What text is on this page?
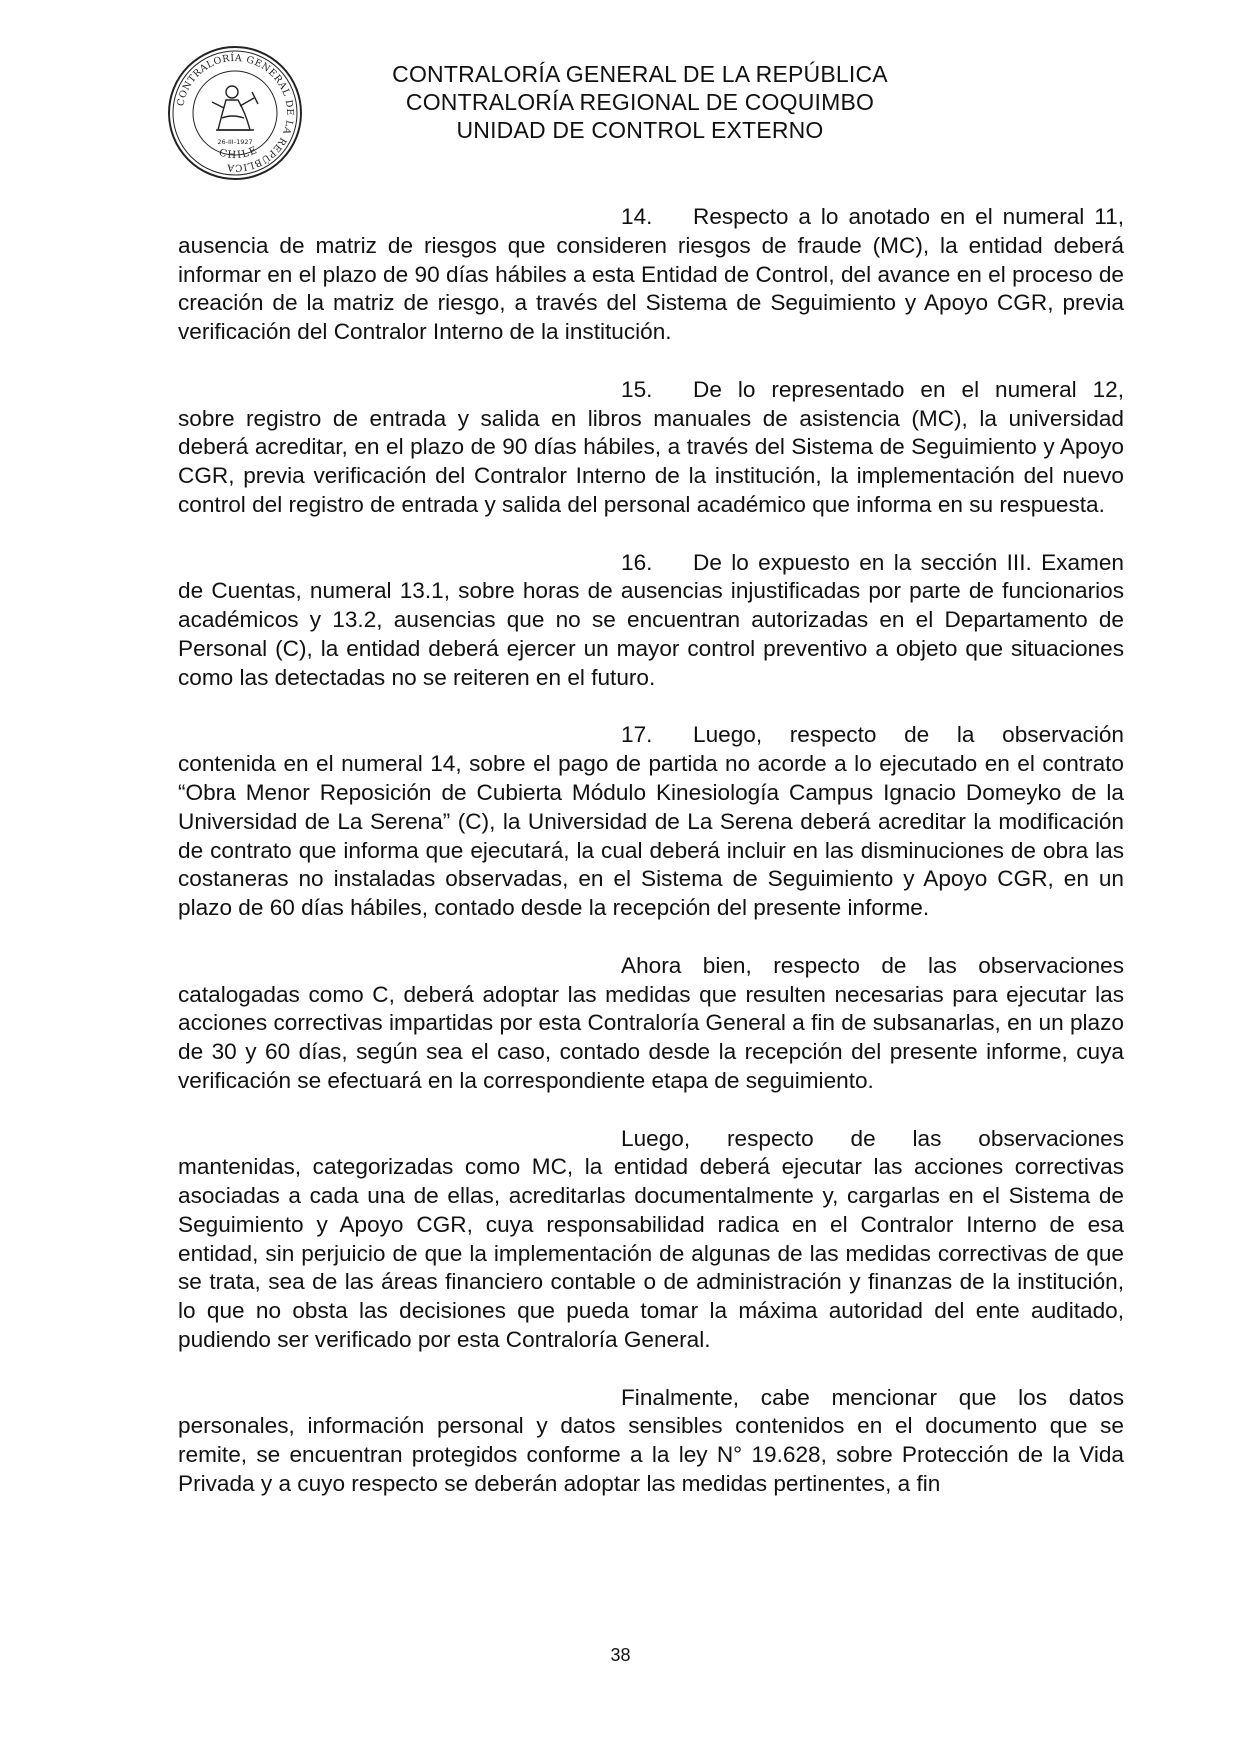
CONTRALORÍA GENERAL DE LA REPÚBLICA
26-III-1927
CHILE
CONTRALORÍA GENERAL DE LA REPÚBLICA
CONTRALORÍA REGIONAL DE COQUIMBO
UNIDAD DE CONTROL EXTERNO

14. Respecto a lo anotado en el numeral 11, ausencia de matriz de riesgos que consideren riesgos de fraude (MC), la entidad deberá informar en el plazo de 90 días hábiles a esta Entidad de Control, del avance en el proceso de creación de la matriz de riesgo, a través del Sistema de Seguimiento y Apoyo CGR, previa verificación del Contralor Interno de la institución.

15. De lo representado en el numeral 12, sobre registro de entrada y salida en libros manuales de asistencia (MC), la universidad deberá acreditar, en el plazo de 90 días hábiles, a través del Sistema de Seguimiento y Apoyo CGR, previa verificación del Contralor Interno de la institución, la implementación del nuevo control del registro de entrada y salida del personal académico que informa en su respuesta.

16. De lo expuesto en la sección III. Examen de Cuentas, numeral 13.1, sobre horas de ausencias injustificadas por parte de funcionarios académicos y 13.2, ausencias que no se encuentran autorizadas en el Departamento de Personal (C), la entidad deberá ejercer un mayor control preventivo a objeto que situaciones como las detectadas no se reiteren en el futuro.

17. Luego, respecto de la observación contenida en el numeral 14, sobre el pago de partida no acorde a lo ejecutado en el contrato “Obra Menor Reposición de Cubierta Módulo Kinesiología Campus Ignacio Domeyko de la Universidad de La Serena” (C), la Universidad de La Serena deberá acreditar la modificación de contrato que informa que ejecutará, la cual deberá incluir en las disminuciones de obra las costaneras no instaladas observadas, en el Sistema de Seguimiento y Apoyo CGR, en un plazo de 60 días hábiles, contado desde la recepción del presente informe.

Ahora bien, respecto de las observaciones catalogadas como C, deberá adoptar las medidas que resulten necesarias para ejecutar las acciones correctivas impartidas por esta Contraloría General a fin de subsanarlas, en un plazo de 30 y 60 días, según sea el caso, contado desde la recepción del presente informe, cuya verificación se efectuará en la correspondiente etapa de seguimiento.

Luego, respecto de las observaciones mantenidas, categorizadas como MC, la entidad deberá ejecutar las acciones correctivas asociadas a cada una de ellas, acreditarlas documentalmente y, cargarlas en el Sistema de Seguimiento y Apoyo CGR, cuya responsabilidad radica en el Contralor Interno de esa entidad, sin perjuicio de que la implementación de algunas de las medidas correctivas de que se trata, sea de las áreas financiero contable o de administración y finanzas de la institución, lo que no obsta las decisiones que pueda tomar la máxima autoridad del ente auditado, pudiendo ser verificado por esta Contraloría General.

Finalmente, cabe mencionar que los datos personales, información personal y datos sensibles contenidos en el documento que se remite, se encuentran protegidos conforme a la ley N° 19.628, sobre Protección de la Vida Privada y a cuyo respecto se deberán adoptar las medidas pertinentes, a fin

38
